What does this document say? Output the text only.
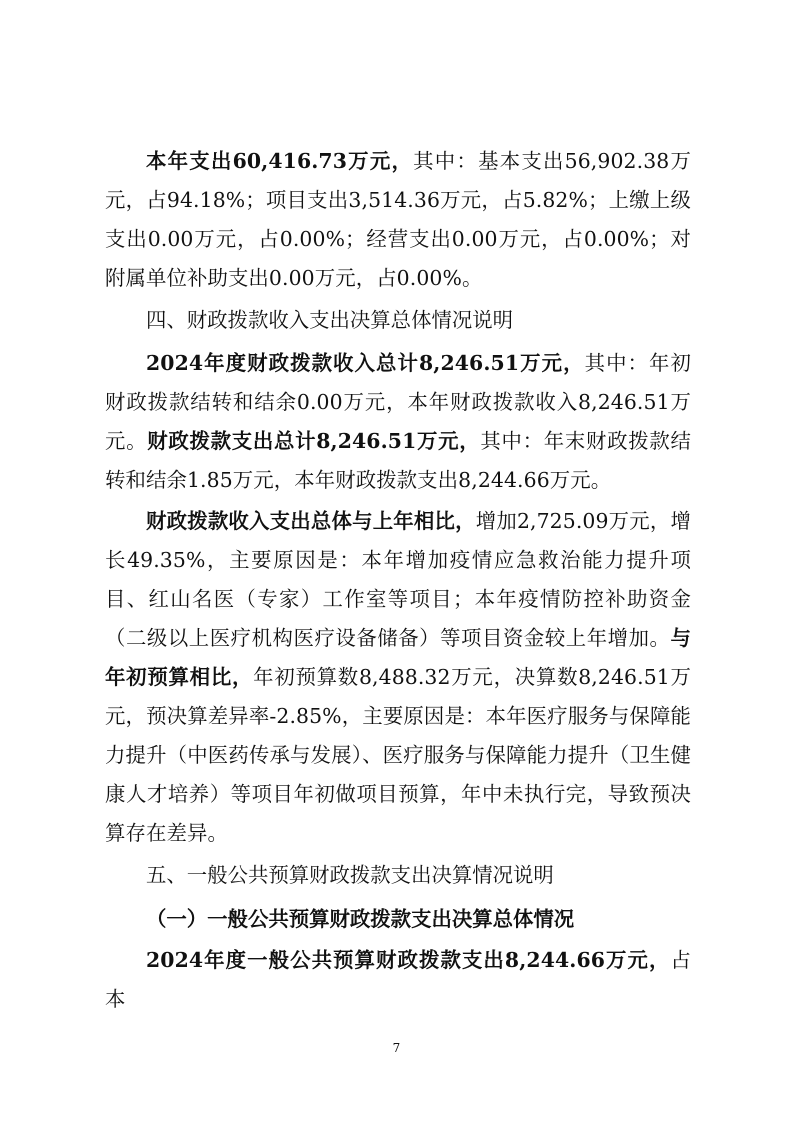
本年支出60,416.73万元，其中：基本支出56,902.38万元，占94.18%；项目支出3,514.36万元，占5.82%；上缴上级支出0.00万元，占0.00%；经营支出0.00万元，占0.00%；对附属单位补助支出0.00万元，占0.00%。

四、财政拨款收入支出决算总体情况说明

2024年度财政拨款收入总计8,246.51万元，其中：年初财政拨款结转和结余0.00万元，本年财政拨款收入8,246.51万元。财政拨款支出总计8,246.51万元，其中：年末财政拨款结转和结余1.85万元，本年财政拨款支出8,244.66万元。

财政拨款收入支出总体与上年相比，增加2,725.09万元，增长49.35%，主要原因是：本年增加疫情应急救治能力提升项目、红山名医（专家）工作室等项目；本年疫情防控补助资金（二级以上医疗机构医疗设备储备）等项目资金较上年增加。与年初预算相比，年初预算数8,488.32万元，决算数8,246.51万元，预决算差异率-2.85%，主要原因是：本年医疗服务与保障能力提升（中医药传承与发展）、医疗服务与保障能力提升（卫生健康人才培养）等项目年初做项目预算，年中未执行完，导致预决算存在差异。

五、一般公共预算财政拨款支出决算情况说明

（一）一般公共预算财政拨款支出决算总体情况

2024年度一般公共预算财政拨款支出8,244.66万元，占本

7
